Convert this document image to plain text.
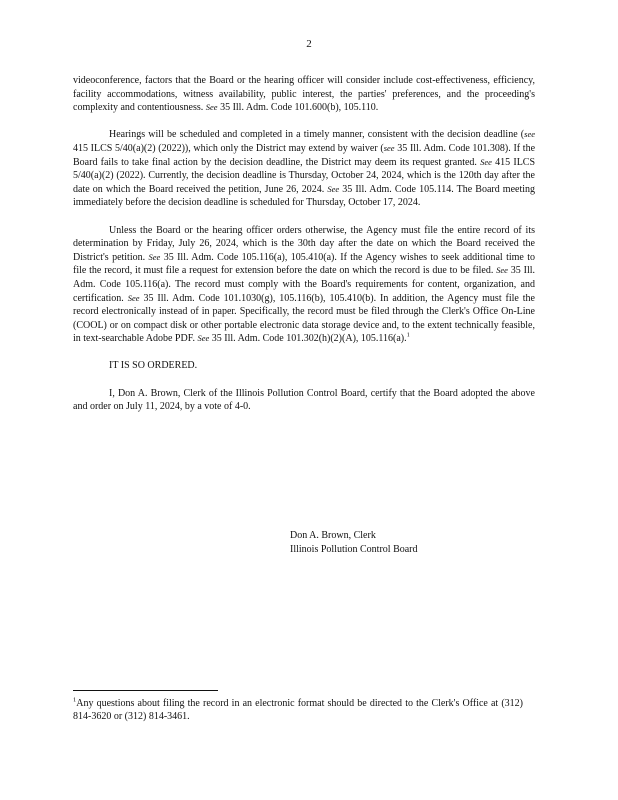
2

videoconference, factors that the Board or the hearing officer will consider include cost-effectiveness, efficiency, facility accommodations, witness availability, public interest, the parties' preferences, and the proceeding's complexity and contentiousness. See 35 Ill. Adm. Code 101.600(b), 105.110.

Hearings will be scheduled and completed in a timely manner, consistent with the decision deadline (see 415 ILCS 5/40(a)(2) (2022)), which only the District may extend by waiver (see 35 Ill. Adm. Code 101.308). If the Board fails to take final action by the decision deadline, the District may deem its request granted. See 415 ILCS 5/40(a)(2) (2022). Currently, the decision deadline is Thursday, October 24, 2024, which is the 120th day after the date on which the Board received the petition, June 26, 2024. See 35 Ill. Adm. Code 105.114. The Board meeting immediately before the decision deadline is scheduled for Thursday, October 17, 2024.

Unless the Board or the hearing officer orders otherwise, the Agency must file the entire record of its determination by Friday, July 26, 2024, which is the 30th day after the date on which the Board received the District's petition. See 35 Ill. Adm. Code 105.116(a), 105.410(a). If the Agency wishes to seek additional time to file the record, it must file a request for extension before the date on which the record is due to be filed. See 35 Ill. Adm. Code 105.116(a). The record must comply with the Board's requirements for content, organization, and certification. See 35 Ill. Adm. Code 101.1030(g), 105.116(b), 105.410(b). In addition, the Agency must file the record electronically instead of in paper. Specifically, the record must be filed through the Clerk's Office On-Line (COOL) or on compact disk or other portable electronic data storage device and, to the extent technically feasible, in text-searchable Adobe PDF. See 35 Ill. Adm. Code 101.302(h)(2)(A), 105.116(a).$^1$

IT IS SO ORDERED.

I, Don A. Brown, Clerk of the Illinois Pollution Control Board, certify that the Board adopted the above and order on July 11, 2024, by a vote of 4-0.

Don A. Brown, Clerk
Illinois Pollution Control Board
$^1$Any questions about filing the record in an electronic format should be directed to the Clerk's Office at (312) 814-3620 or (312) 814-3461.
